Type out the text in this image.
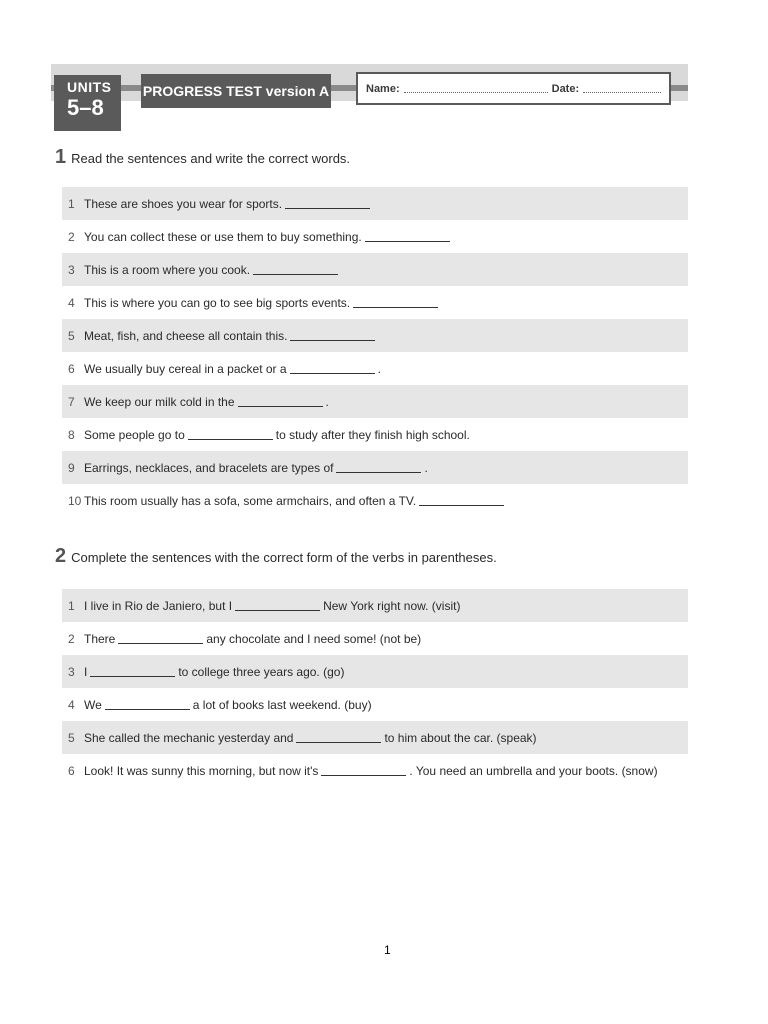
UNITS
5–8
PROGRESS TEST version A	Name:	Date:
1 Read the sentences and write the correct words.
1 These are shoes you wear for sports.
2 You can collect these or use them to buy something.
3 This is a room where you cook.
4 This is where you can go to see big sports events.
5 Meat, fish, and cheese all contain this.
6 We usually buy cereal in a packet or a	.
7 We keep our milk cold in the	.
8 Some people go to	to study after they finish high school.
9 Earrings, necklaces, and bracelets are types of	.
10 This room usually has a sofa, some armchairs, and often a TV.
2 Complete the sentences with the correct form of the verbs in parentheses.
1 I live in Rio de Janiero, but I	New York right now. (visit)
2 There	any chocolate and I need some! (not be)
3 I	to college three years ago. (go)
4 We	a lot of books last weekend. (buy)
5 She called the mechanic yesterday and	to him about the car. (speak)
6 Look! It was sunny this morning, but now it's	. You need an umbrella and your boots. (snow)
1
